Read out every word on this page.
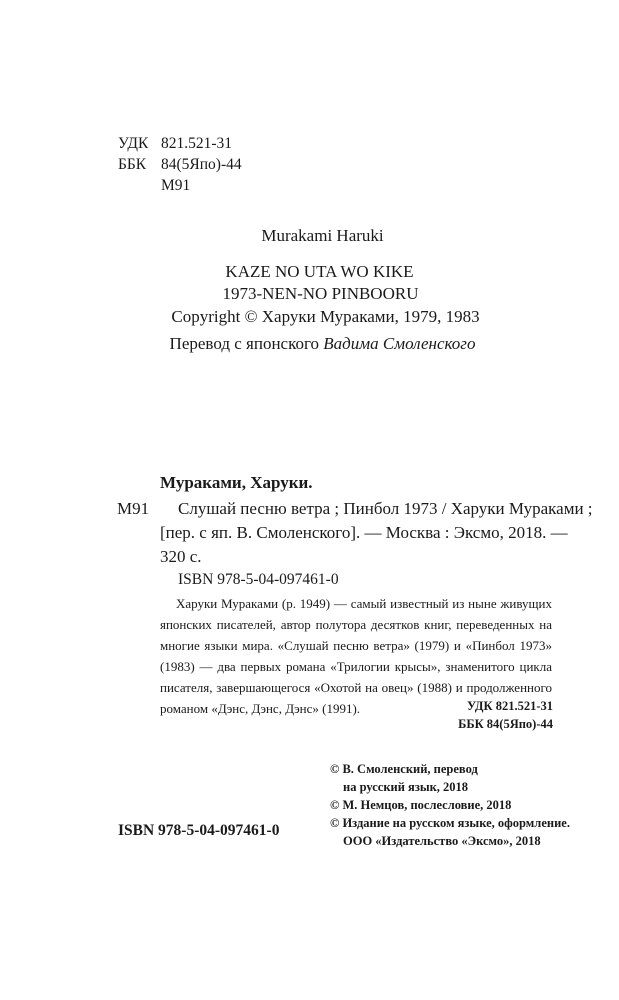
УДК 821.521-31
ББК 84(5Япо)-44
М91
Murakami Haruki
KAZE NO UTA WO KIKE
1973-NEN-NO PINBOORU
Copyright © Харуки Мураками, 1979, 1983
Перевод с японского Вадима Смоленского
Мураками, Харуки.
М91 Слушай песню ветра ; Пинбол 1973 / Харуки Мураками ;
[пер. с яп. В. Смоленского]. — Москва : Эксмо, 2018. —
320 с.
ISBN 978-5-04-097461-0

Харуки Мураками (р. 1949) — самый известный из ныне живущих японских писателей, автор полутора десятков книг, переведенных на многие языки мира. «Слушай песню ветра» (1979) и «Пинбол 1973» (1983) — два первых романа «Трилогии крысы», знаменитого цикла писателя, завершающегося «Охотой на овец» (1988) и продолженного романом «Дэнс, Дэнс, Дэнс» (1991).	УДК 821.521-31
ББК 84(5Япо)-44
ISBN 978-5-04-097461-0
© В. Смоленский, перевод
на русский язык, 2018
© М. Немцов, послесловие, 2018
© Издание на русском языке, оформление.
ООО «Издательство «Эксмо», 2018
